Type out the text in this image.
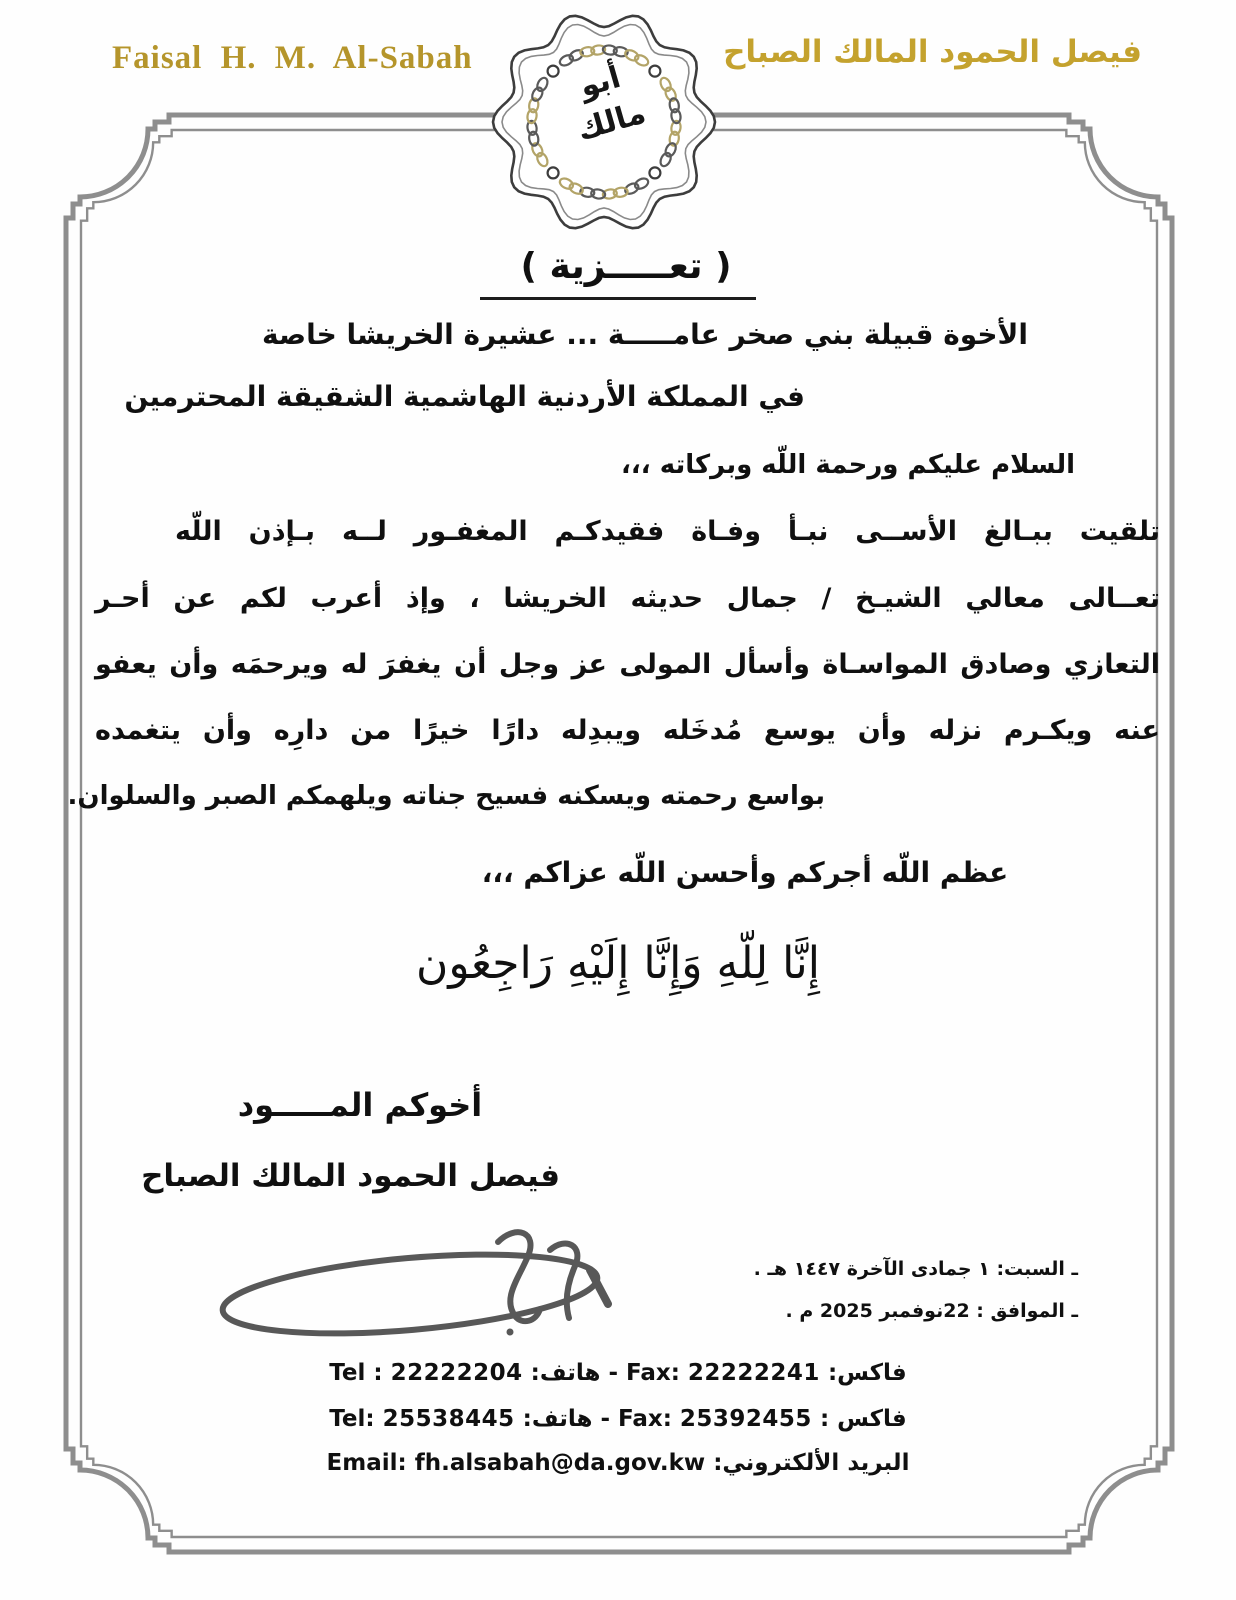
Faisal H. M. Al-Sabah
أبو مالك
فيصل الحمود المالك الصباح
( تعـــــزية )
الأخوة قبيلة بني صخر عامـــــة ... عشيرة الخريشا خاصة
في المملكة الأردنية الهاشمية الشقيقة المحترمين
السلام عليكم ورحمة اللّه وبركاته ،،،
تلقيت ببـالغ الأســى نبـأ وفـاة فقيدكـم المغفـور لــه بـإذن اللّه
تعــالى معالي الشيـخ / جمال حديثه الخريشا ، وإذ أعرب لكم عن أحـر
التعازي وصادق المواسـاة وأسأل المولى عز وجل أن يغفرَ له ويرحمَه وأن يعفو
عنه ويكـرم نزله وأن يوسع مُدخَله ويبدِله دارًا خيرًا من دارِه وأن يتغمده
بواسع رحمته ويسكنه فسيح جناته ويلهمكم الصبر والسلوان.
عظم اللّه أجركم وأحسن اللّه عزاكم ،،،
إِنَّا لِلّهِ وَإِنَّا إِلَيْهِ رَاجِعُون
أخوكم المـــــود
فيصل الحمود المالك الصباح
ـ السبت: ١ جمادى الآخرة ١٤٤٧ هـ .
ـ الموافق : 22نوفمبر 2025 م .
Tel : 22222204 هاتف: - Fax: 22222241 فاكس:
Tel: 25538445 هاتف: - Fax: 25392455 فاكس :
Email: fh.alsabah@da.gov.kw البريد الألكتروني:
